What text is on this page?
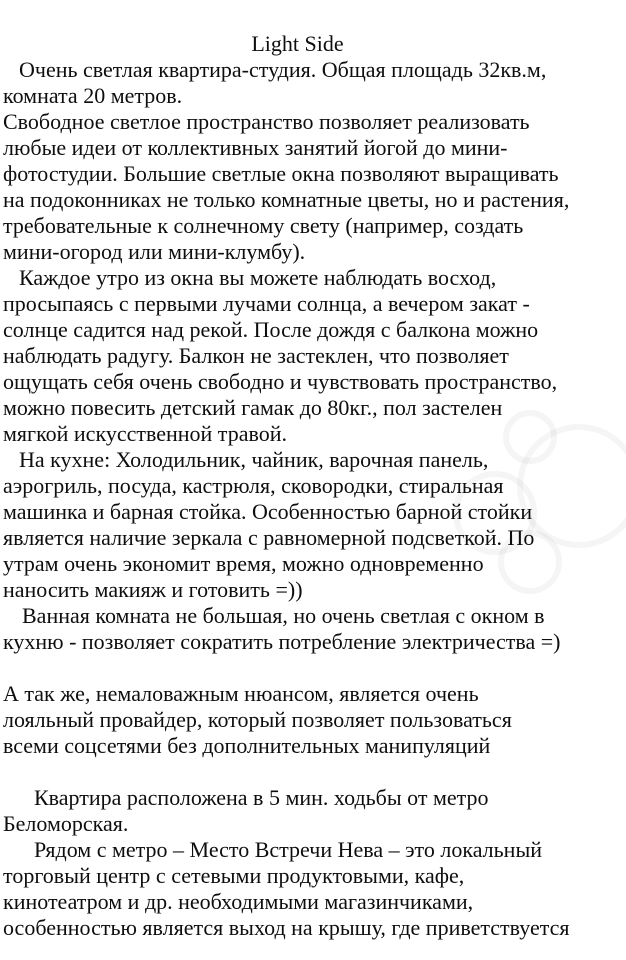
Light Side
Очень светлая квартира-студия. Общая площадь 32кв.м,
комната 20 метров.
Свободное светлое пространство позволяет реализовать
любые идеи от коллективных занятий йогой до мини-
фотостудии. Большие светлые окна позволяют выращивать
на подоконниках не только комнатные цветы, но и растения,
требовательные к солнечному свету (например, создать
мини-огород или мини-клумбу).
Каждое утро из окна вы можете наблюдать восход,
просыпаясь с первыми лучами солнца, а вечером закат -
солнце садится над рекой. После дождя с балкона можно
наблюдать радугу. Балкон не застеклен, что позволяет
ощущать себя очень свободно и чувствовать пространство,
можно повесить детский гамак до 80кг., пол застелен
мягкой искусственной травой.
На кухне: Холодильник, чайник, варочная панель,
аэрогриль, посуда, кастрюля, сковородки, стиральная
машинка и барная стойка. Особенностью барной стойки
является наличие зеркала с равномерной подсветкой. По
утрам очень экономит время, можно одновременно
наносить макияж и готовить =))
Ванная комната не большая, но очень светлая с окном в
кухню - позволяет сократить потребление электричества =)
А так же, немаловажным нюансом, является очень
лояльный провайдер, который позволяет пользоваться
всеми соцсетями без дополнительных манипуляций
Квартира расположена в 5 мин. ходьбы от метро
Беломорская.
Рядом с метро – Место Встречи Нева – это локальный
торговый центр с сетевыми продуктовыми, кафе,
кинотеатром и др. необходимыми магазинчиками,
особенностью является выход на крышу, где приветствуется
